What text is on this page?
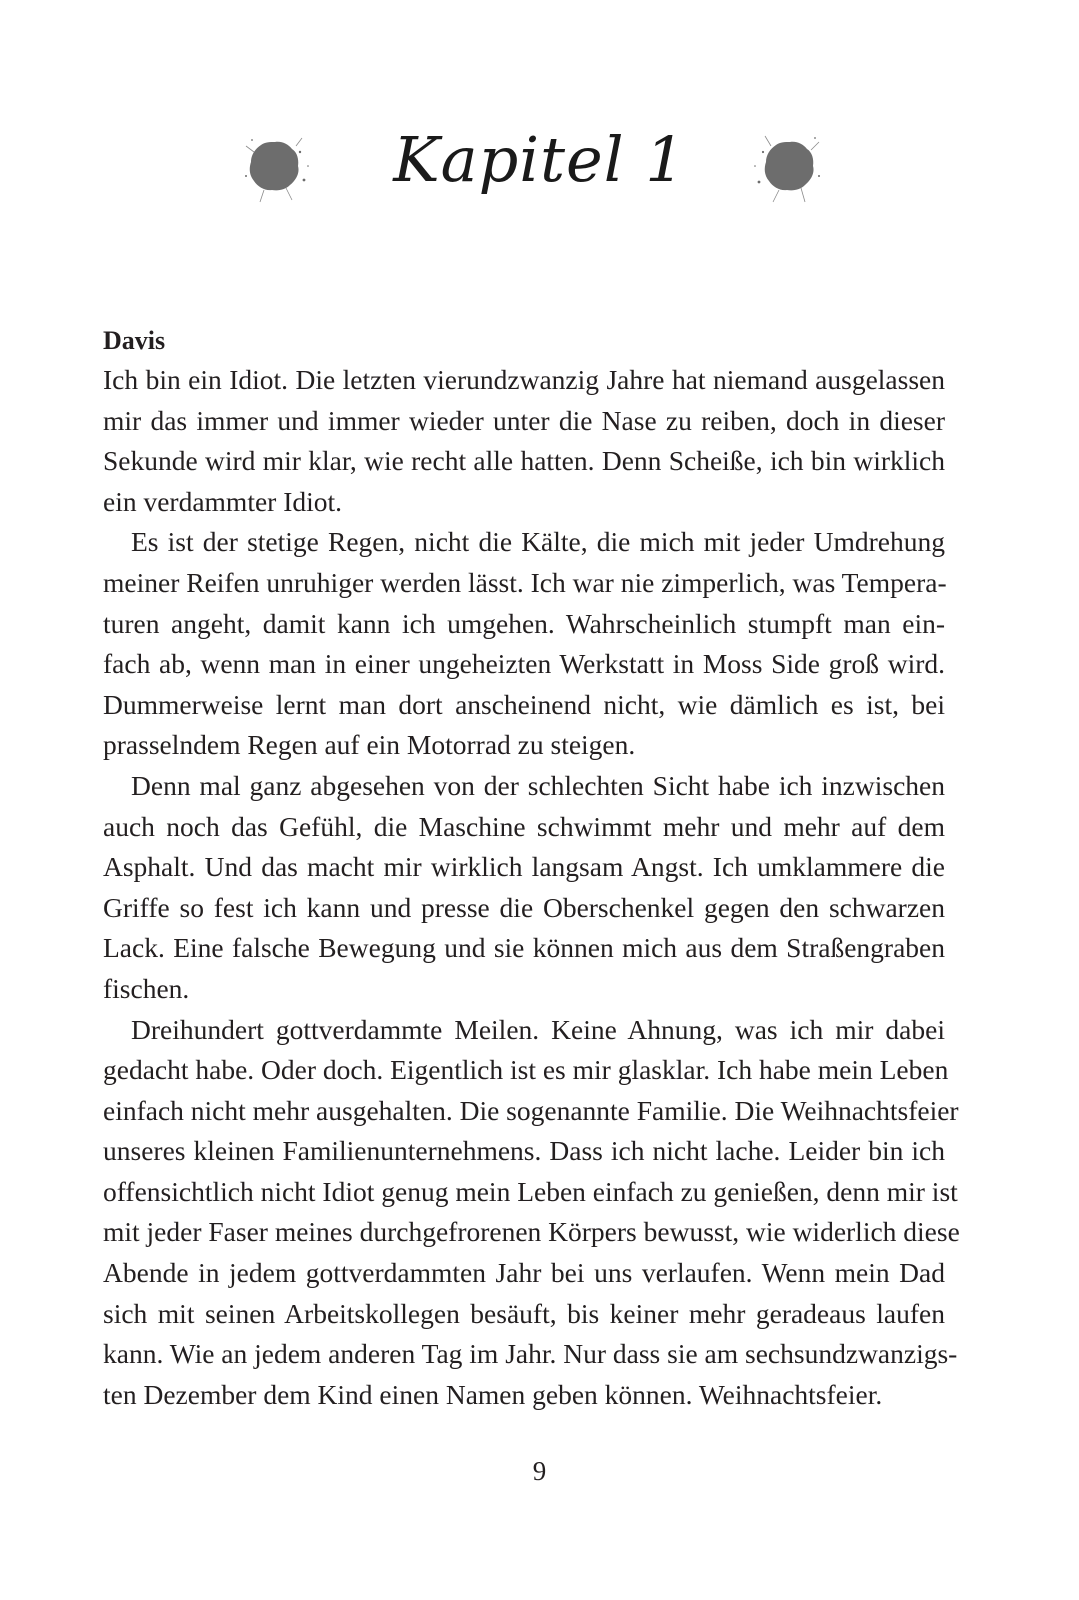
Kapitel 1
Davis
Ich bin ein Idiot. Die letzten vierundzwanzig Jahre hat niemand ausgelassen
mir das immer und immer wieder unter die Nase zu reiben, doch in dieser
Sekunde wird mir klar, wie recht alle hatten. Denn Scheiße, ich bin wirklich
ein verdammter Idiot.
Es ist der stetige Regen, nicht die Kälte, die mich mit jeder Umdrehung
meiner Reifen unruhiger werden lässt. Ich war nie zimperlich, was Tempera-
turen angeht, damit kann ich umgehen. Wahrscheinlich stumpft man ein-
fach ab, wenn man in einer ungeheizten Werkstatt in Moss Side groß wird.
Dummerweise lernt man dort anscheinend nicht, wie dämlich es ist, bei
prasselndem Regen auf ein Motorrad zu steigen.
Denn mal ganz abgesehen von der schlechten Sicht habe ich inzwischen
auch noch das Gefühl, die Maschine schwimmt mehr und mehr auf dem
Asphalt. Und das macht mir wirklich langsam Angst. Ich umklammere die
Griffe so fest ich kann und presse die Oberschenkel gegen den schwarzen
Lack. Eine falsche Bewegung und sie können mich aus dem Straßengraben
fischen.
Dreihundert gottverdammte Meilen. Keine Ahnung, was ich mir dabei
gedacht habe. Oder doch. Eigentlich ist es mir glasklar. Ich habe mein Leben
einfach nicht mehr ausgehalten. Die sogenannte Familie. Die Weihnachtsfeier
unseres kleinen Familienunternehmens. Dass ich nicht lache. Leider bin ich
offensichtlich nicht Idiot genug mein Leben einfach zu genießen, denn mir ist
mit jeder Faser meines durchgefrorenen Körpers bewusst, wie widerlich diese
Abende in jedem gottverdammten Jahr bei uns verlaufen. Wenn mein Dad
sich mit seinen Arbeitskollegen besäuft, bis keiner mehr geradeaus laufen
kann. Wie an jedem anderen Tag im Jahr. Nur dass sie am sechsundzwanzigs-
ten Dezember dem Kind einen Namen geben können. Weihnachtsfeier.
9
